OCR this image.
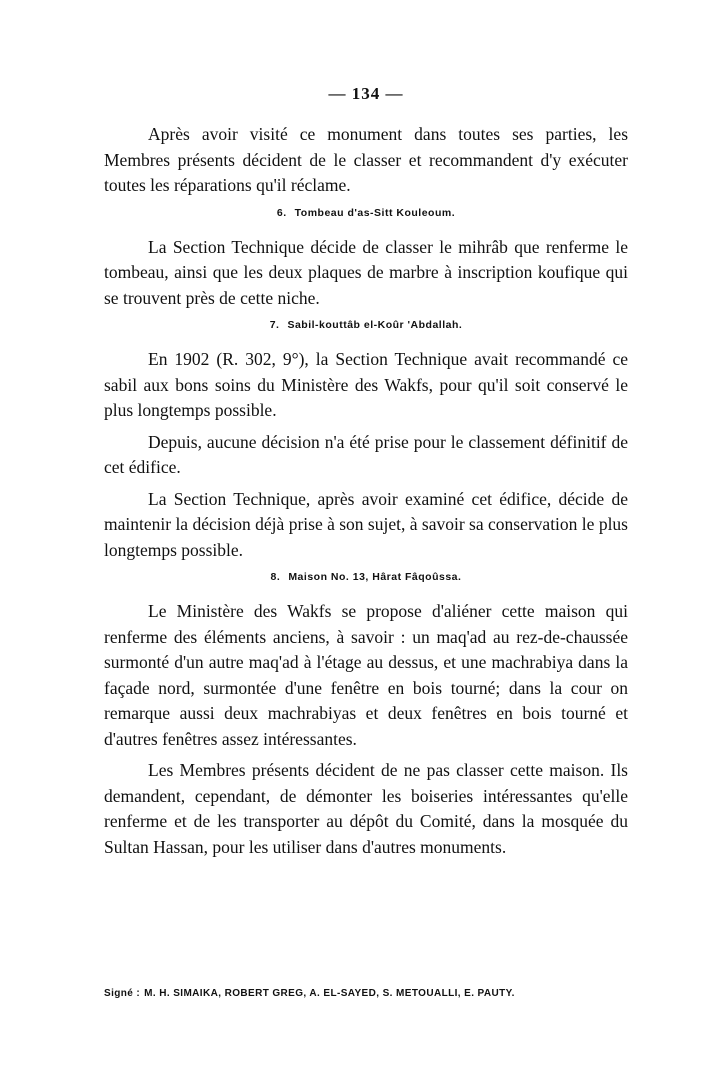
— 134 —

Après avoir visité ce monument dans toutes ses parties, les Membres présents décident de le classer et recommandent d'y exécuter toutes les réparations qu'il réclame.

6. Tombeau d'as-Sitt Kouleoum.

La Section Technique décide de classer le mihrâb que renferme le tombeau, ainsi que les deux plaques de marbre à inscription koufique qui se trouvent près de cette niche.

7. Sabil-kouttâb el-Koûr 'Abdallah.

En 1902 (R. 302, 9°), la Section Technique avait recommandé ce sabil aux bons soins du Ministère des Wakfs, pour qu'il soit conservé le plus longtemps possible.

Depuis, aucune décision n'a été prise pour le classement définitif de cet édifice.

La Section Technique, après avoir examiné cet édifice, décide de maintenir la décision déjà prise à son sujet, à savoir sa conservation le plus longtemps possible.

8. Maison No. 13, Hârat Fâqoûssa.

Le Ministère des Wakfs se propose d'aliéner cette maison qui renferme des éléments anciens, à savoir : un maq'ad au rez-de-chaussée surmonté d'un autre maq'ad à l'étage au dessus, et une machrabiya dans la façade nord, surmontée d'une fenêtre en bois tourné; dans la cour on remarque aussi deux machrabiyas et deux fenêtres en bois tourné et d'autres fenêtres assez intéressantes.

Les Membres présents décident de ne pas classer cette maison. Ils demandent, cependant, de démonter les boiseries intéressantes qu'elle renferme et de les transporter au dépôt du Comité, dans la mosquée du Sultan Hassan, pour les utiliser dans d'autres monuments.

Signé : M. H. SIMAIKA, ROBERT GREG, A. EL-SAYED, S. METOUALLI, E. PAUTY.
